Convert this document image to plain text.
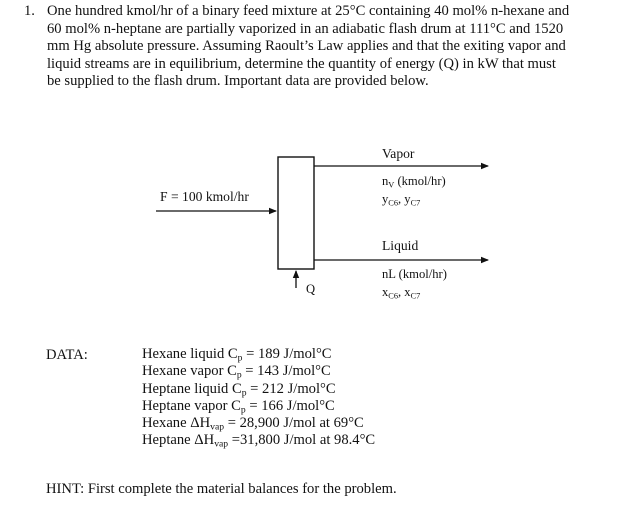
1. One hundred kmol/hr of a binary feed mixture at 25°C containing 40 mol% n-hexane and
60 mol% n-heptane are partially vaporized in an adiabatic flash drum at 111°C and 1520
mm Hg absolute pressure. Assuming Raoult’s Law applies and that the exiting vapor and
liquid streams are in equilibrium, determine the quantity of energy (Q) in kW that must
be supplied to the flash drum. Important data are provided below.
F = 100 kmol/hr
Vapor
$n_V$ (kmol/hr)
$y_{C6}$, $y_{C7}$
Liquid
nL (kmol/hr)
$x_{C6}$, $x_{C7}$
Q
DATA:	Hexane liquid $C_p = 189$ J/mol°C
Hexane vapor $C_p = 143$ J/mol°C
Heptane liquid $C_p = 212$ J/mol°C
Heptane vapor $C_p = 166$ J/mol°C
Hexane $\Delta H_{vap} = 28,900$ J/mol at 69°C
Heptane $\Delta H_{vap} =31,800$ J/mol at 98.4°C
HINT: First complete the material balances for the problem.
